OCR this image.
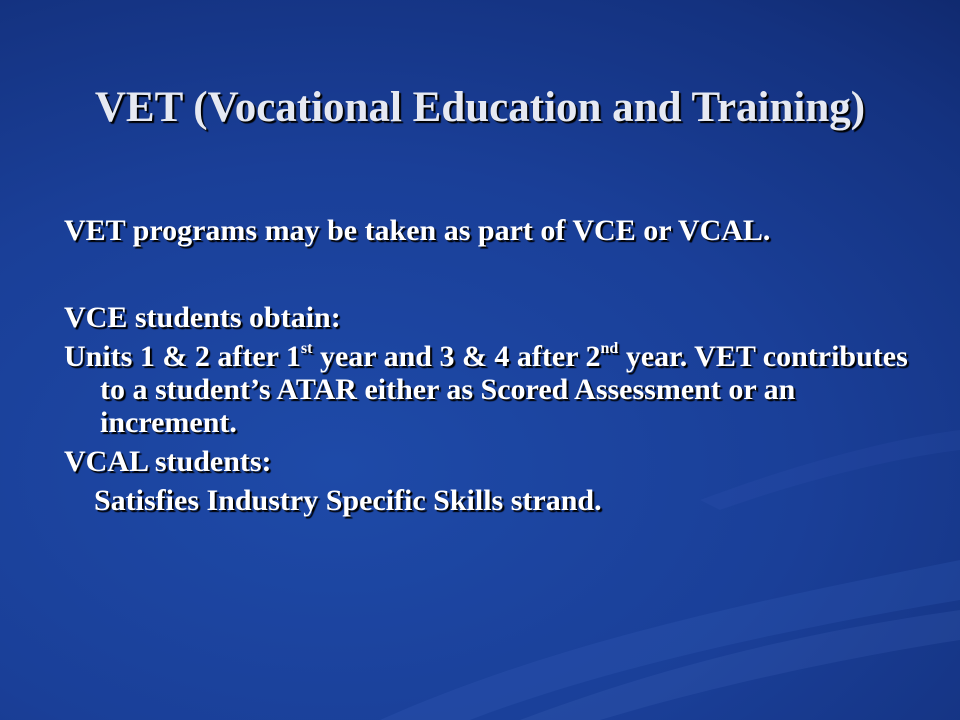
VET (Vocational Education and Training)

VET programs may be taken as part of VCE or VCAL.

VCE students obtain:

Units 1 & 2 after 1st year and 3 & 4 after 2nd year. VET contributes to a student’s ATAR either as Scored Assessment or an increment.

VCAL students:

Satisfies Industry Specific Skills strand.
